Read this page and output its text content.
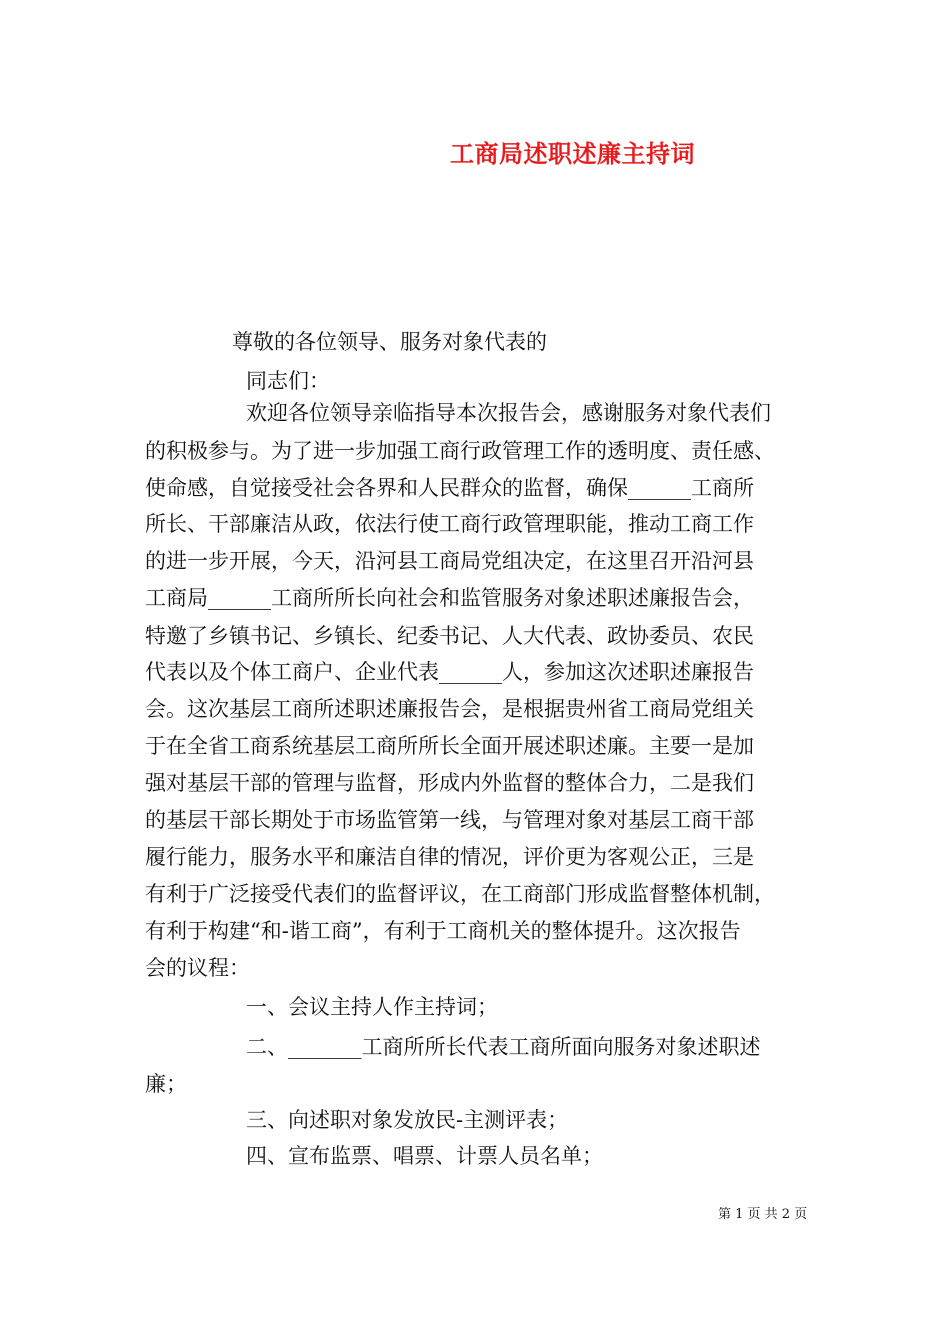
工商局述职述廉主持词
尊敬的各位领导、服务对象代表的
同志们：
欢迎各位领导亲临指导本次报告会，感谢服务对象代表们
的积极参与。为了进一步加强工商行政管理工作的透明度、责任感、
使命感，自觉接受社会各界和人民群众的监督，确保______工商所
所长、干部廉洁从政，依法行使工商行政管理职能，推动工商工作
的进一步开展，今天，沿河县工商局党组决定，在这里召开沿河县
工商局______工商所所长向社会和监管服务对象述职述廉报告会，
特邀了乡镇书记、乡镇长、纪委书记、人大代表、政协委员、农民
代表以及个体工商户、企业代表______人，参加这次述职述廉报告
会。这次基层工商所述职述廉报告会，是根据贵州省工商局党组关
于在全省工商系统基层工商所所长全面开展述职述廉。主要一是加
强对基层干部的管理与监督，形成内外监督的整体合力，二是我们
的基层干部长期处于市场监管第一线，与管理对象对基层工商干部
履行能力，服务水平和廉洁自律的情况，评价更为客观公正，三是
有利于广泛接受代表们的监督评议，在工商部门形成监督整体机制，
有利于构建“和-谐工商”，有利于工商机关的整体提升。这次报告
会的议程：
一、会议主持人作主持词；
二、_______工商所所长代表工商所面向服务对象述职述
廉；
三、向述职对象发放民-主测评表；
四、宣布监票、唱票、计票人员名单；
第 1 页 共 2 页
